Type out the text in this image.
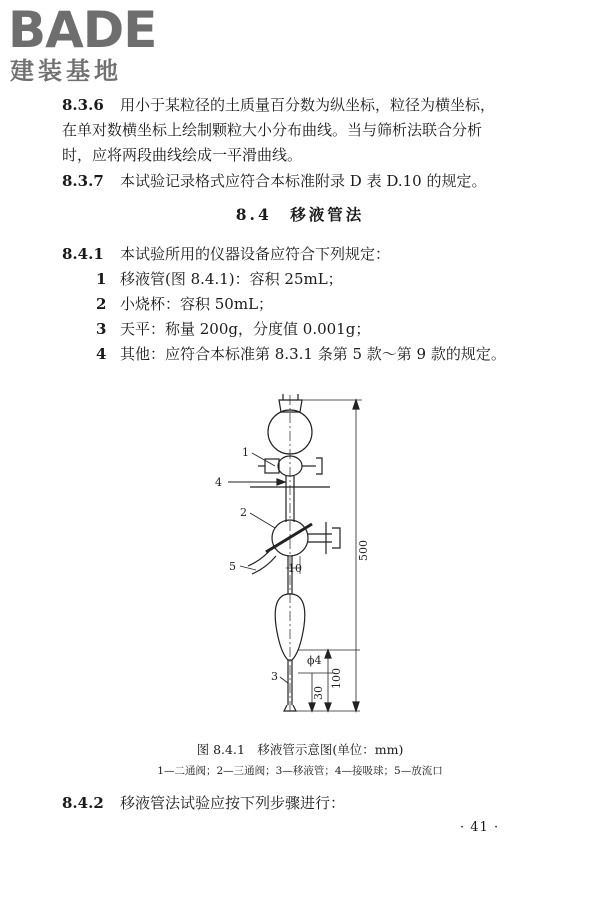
BADE
建装基地
8.3.6 用小于某粒径的土质量百分数为纵坐标，粒径为横坐标，
在单对数横坐标上绘制颗粒大小分布曲线。当与筛析法联合分析
时，应将两段曲线绘成一平滑曲线。
8.3.7 本试验记录格式应符合本标准附录 D 表 D.10 的规定。
8.4　移液管法
8.4.1 本试验所用的仪器设备应符合下列规定：
1 移液管(图 8.4.1)：容积 25mL；
2 小烧杯：容积 50mL；
3 天平：称量 200g，分度值 0.001g；
4 其他：应符合本标准第 8.3.1 条第 5 款～第 9 款的规定。
1
4
2
5
3
10
ϕ4
500
100
30
图 8.4.1　移液管示意图(单位：mm)
1—二通阀；2—三通阀；3—移液管；4—接吸球；5—放流口
8.4.2 移液管法试验应按下列步骤进行：
· 41 ·
